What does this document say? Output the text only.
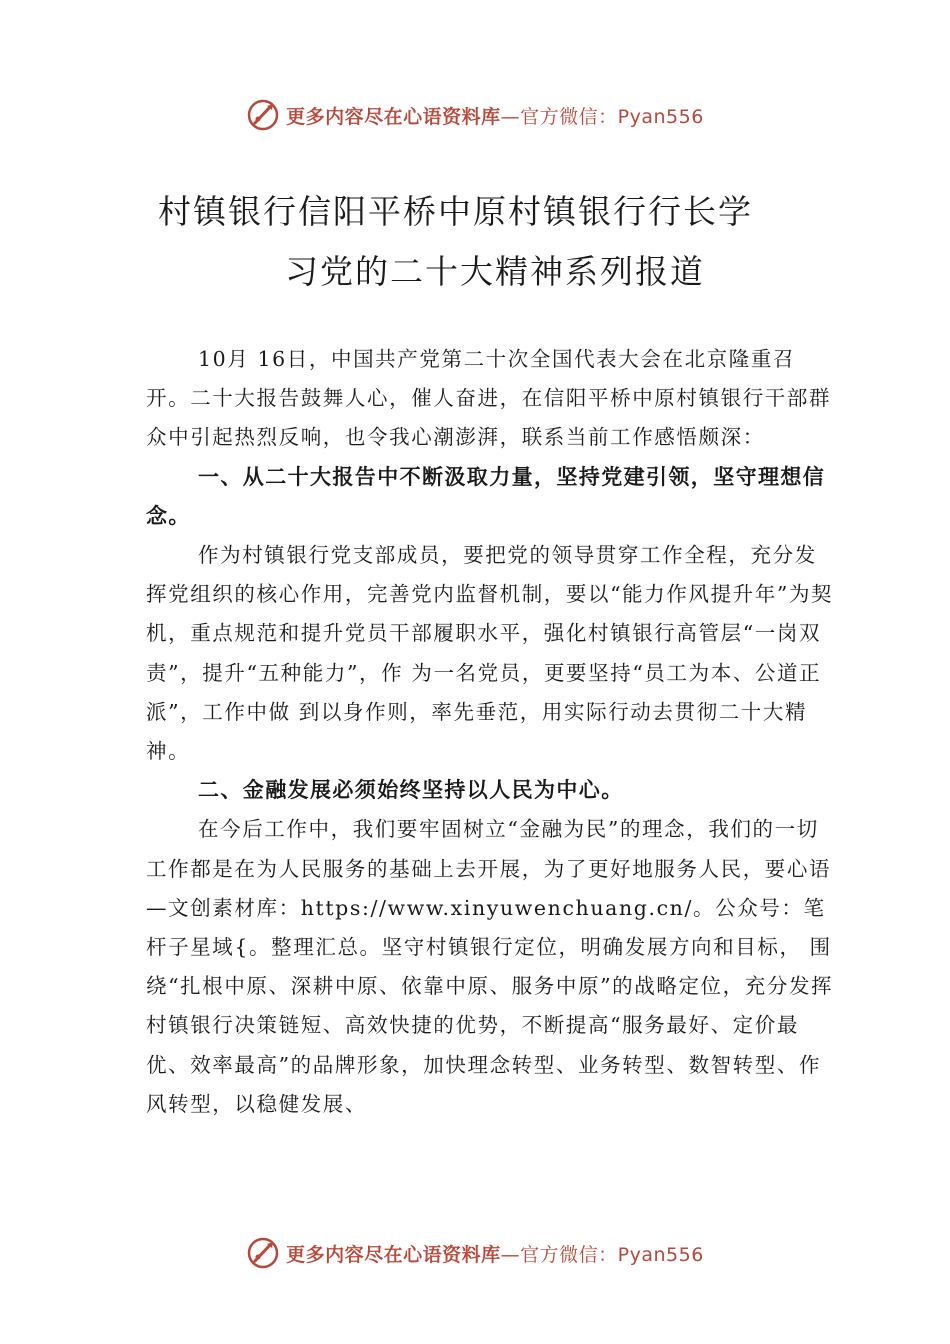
更多内容尽在心语资料库—官方微信：Pyan556
村镇银行信阳平桥中原村镇银行行长学
习党的二十大精神系列报道

10月 16日，中国共产党第二十次全国代表大会在北京隆重召开。二十大报告鼓舞人心，催人奋进，在信阳平桥中原村镇银行干部群众中引起热烈反响，也令我心潮澎湃，联系当前工作感悟颇深：

一、从二十大报告中不断汲取力量，坚持党建引领，坚守理想信念。

作为村镇银行党支部成员，要把党的领导贯穿工作全程，充分发挥党组织的核心作用，完善党内监督机制，要以“能力作风提升年”为契机，重点规范和提升党员干部履职水平，强化村镇银行高管层“一岗双责”，提升“五种能力”，作 为一名党员，更要坚持“员工为本、公道正派”，工作中做 到以身作则，率先垂范，用实际行动去贯彻二十大精神。

二、金融发展必须始终坚持以人民为中心。

在今后工作中，我们要牢固树立“金融为民”的理念，我们的一切工作都是在为人民服务的基础上去开展，为了更好地服务人民，要心语—文创素材库：https://www.xinyuwenchuang.cn/。公众号：笔杆子星域{。整理汇总。坚守村镇银行定位，明确发展方向和目标， 围绕“扎根中原、深耕中原、依靠中原、服务中原”的战略定位，充分发挥村镇银行决策链短、高效快捷的优势，不断提高“服务最好、定价最优、效率最高”的品牌形象，加快理念转型、业务转型、数智转型、作风转型，以稳健发展、

更多内容尽在心语资料库—官方微信：Pyan556
